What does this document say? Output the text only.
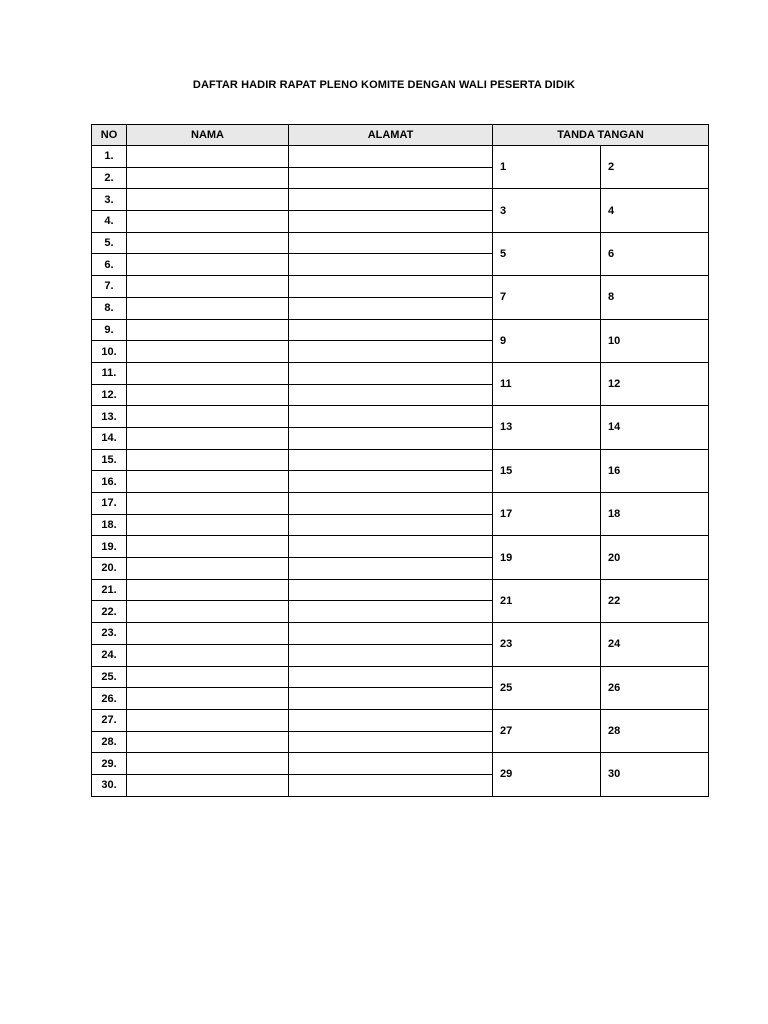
DAFTAR HADIR RAPAT PLENO KOMITE DENGAN WALI PESERTA DIDIK
NO	NAMA	ALAMAT	TANDA TANGAN	
1.			1	2
2.				
3.			3	4
4.				
5.			5	6
6.				
7.			7	8
8.				
9.			9	10
10.				
11.			11	12
12.				
13.			13	14
14.				
15.			15	16
16.				
17.			17	18
18.				
19.			19	20
20.				
21.			21	22
22.				
23.			23	24
24.				
25.			25	26
26.				
27.			27	28
28.				
29.			29	30
30.				
